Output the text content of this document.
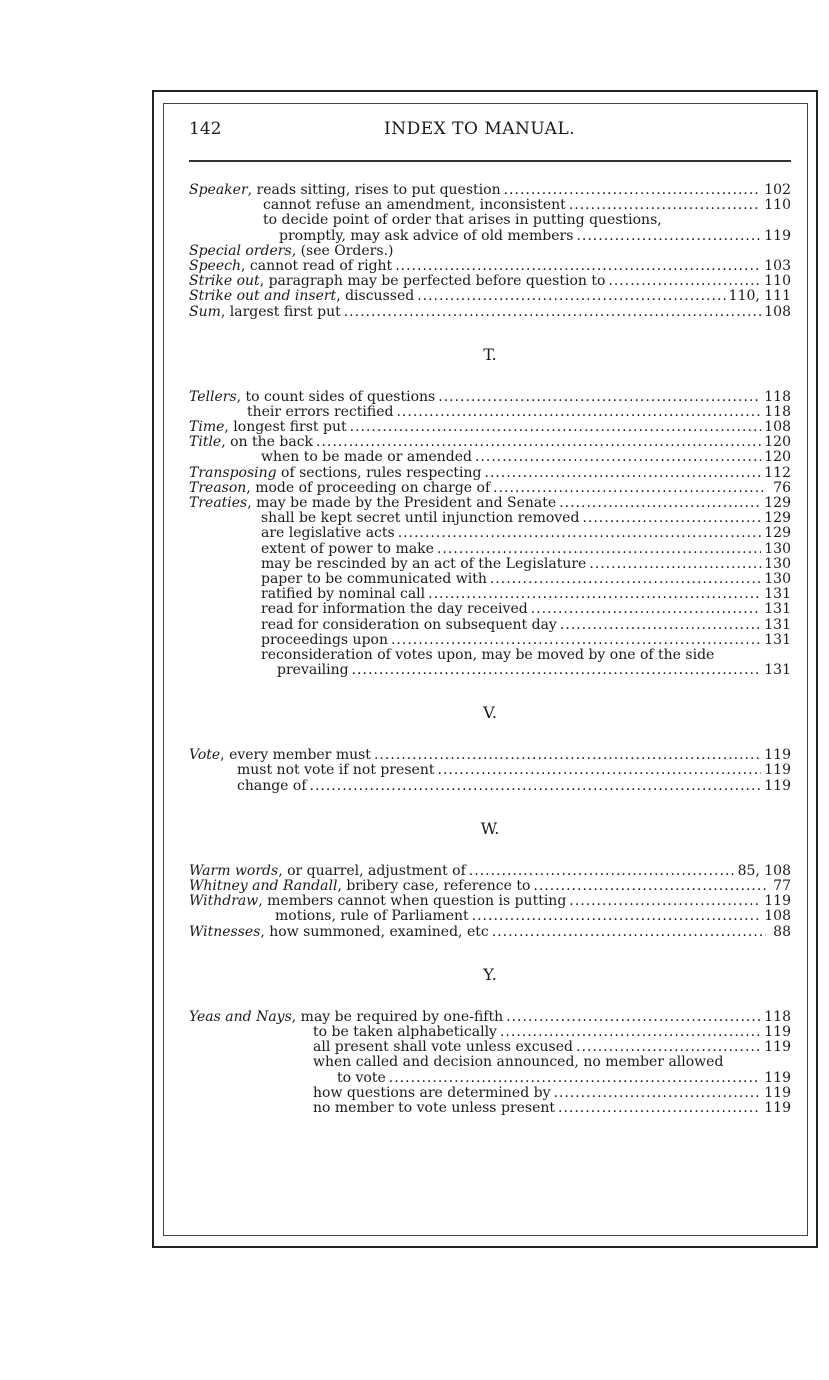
142	INDEX TO MANUAL.
Speaker, reads sitting, rises to put question .....	102
cannot refuse an amendment, inconsistent .....	110
to decide point of order that arises in putting questions,
promptly, may ask advice of old members .....	119
Special orders, (see Orders.)
Speech, cannot read of right .....	103
Strike out, paragraph may be perfected before question to .....	110
Strike out and insert, discussed .....	110, 111
Sum, largest first put .....	108
T.
Tellers, to count sides of questions .....	118
their errors rectified .....	118
Time, longest first put .....	108
Title, on the back .....	120
when to be made or amended .....	120
Transposing of sections, rules respecting .....	112
Treason, mode of proceeding on charge of .....	76
Treaties, may be made by the President and Senate .....	129
shall be kept secret until injunction removed .....	129
are legislative acts .....	129
extent of power to make .....	130
may be rescinded by an act of the Legislature .....	130
paper to be communicated with .....	130
ratified by nominal call .....	131
read for information the day received .....	131
read for consideration on subsequent day .....	131
proceedings upon .....	131
reconsideration of votes upon, may be moved by one of the side
prevailing .....	131
V.
Vote, every member must .....	119
must not vote if not present .....	119
change of .....	119
W.
Warm words, or quarrel, adjustment of .....	85, 108
Whitney and Randall, bribery case, reference to .....	77
Withdraw, members cannot when question is putting .....	119
motions, rule of Parliament .....	108
Witnesses, how summoned, examined, etc .....	88
Y.
Yeas and Nays, may be required by one-fifth .....	118
to be taken alphabetically .....	119
all present shall vote unless excused .....	119
when called and decision announced, no member allowed
to vote .....	119
how questions are determined by .....	119
no member to vote unless present .....	119
